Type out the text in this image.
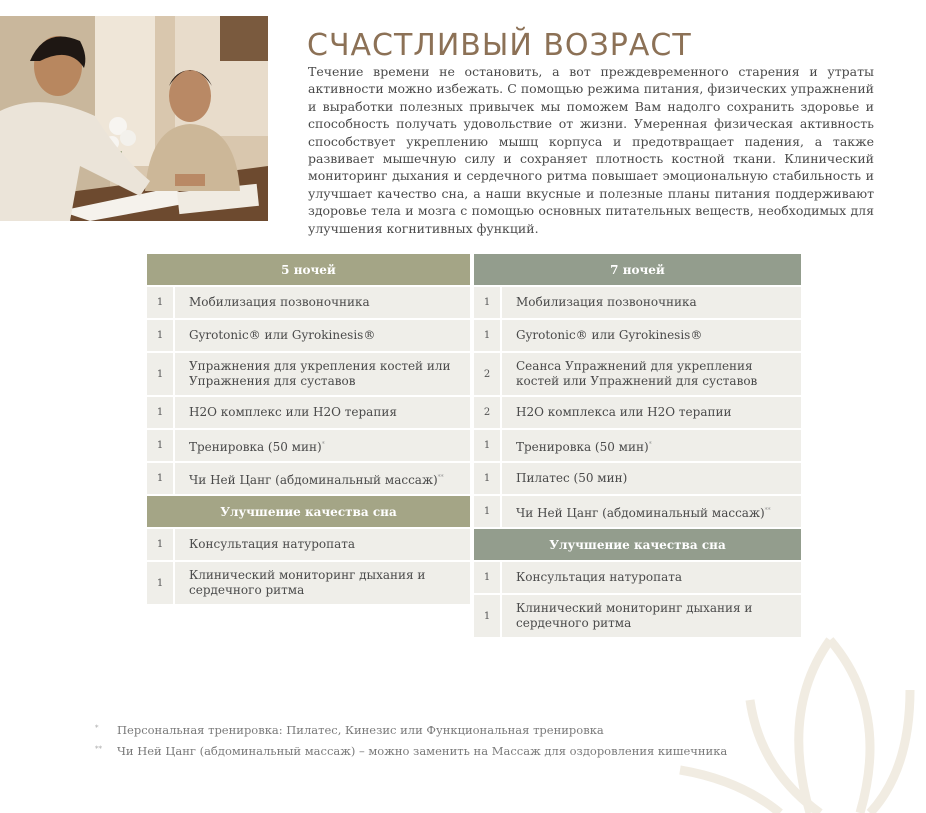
СЧАСТЛИВЫЙ ВОЗРАСТ

Течение времени не остановить, а вот преждевременного старения и утраты активности можно избежать. С помощью режима питания, физических упражнений и выработки полезных привычек мы поможем Вам надолго сохранить здоровье и способность получать удовольствие от жизни. Умеренная физическая активность способствует укреплению мышц корпуса и предотвращает падения, а также развивает мышечную силу и сохраняет плотность костной ткани. Клинический мониторинг дыхания и сердечного ритма повышает эмоциональную стабильность и улучшает качество сна, а наши вкусные и полезные планы питания поддерживают здоровье тела и мозга с помощью основных питательных веществ, необходимых для улучшения когнитивных функций.

5 ночей	
1	Мобилизация позвоночника
1	Gyrotonic® или Gyrokinesis®
1	Упражнения для укрепления костей или Упражнения для суставов
1	H2O комплекс или H2O терапия
1	Тренировка (50 мин)*
1	Чи Ней Цанг (абдоминальный массаж)**
Улучшение качества сна	
1	Консультация натуропата
1	Клинический мониторинг дыхания и сердечного ритма
7 ночей	
1	Мобилизация позвоночника
1	Gyrotonic® или Gyrokinesis®
2	Сеанса Упражнений для укрепления костей или Упражнений для суставов
2	H2O комплекса или H2O терапии
1	Тренировка (50 мин)*
1	Пилатес (50 мин)
1	Чи Ней Цанг (абдоминальный массаж)**
Улучшение качества сна	
1	Консультация натуропата
1	Клинический мониторинг дыхания и сердечного ритма
*	Персональная тренировка: Пилатес, Кинезис или Функциональная тренировка
**	Чи Ней Цанг (абдоминальный массаж) – можно заменить на Массаж для оздоровления кишечника
